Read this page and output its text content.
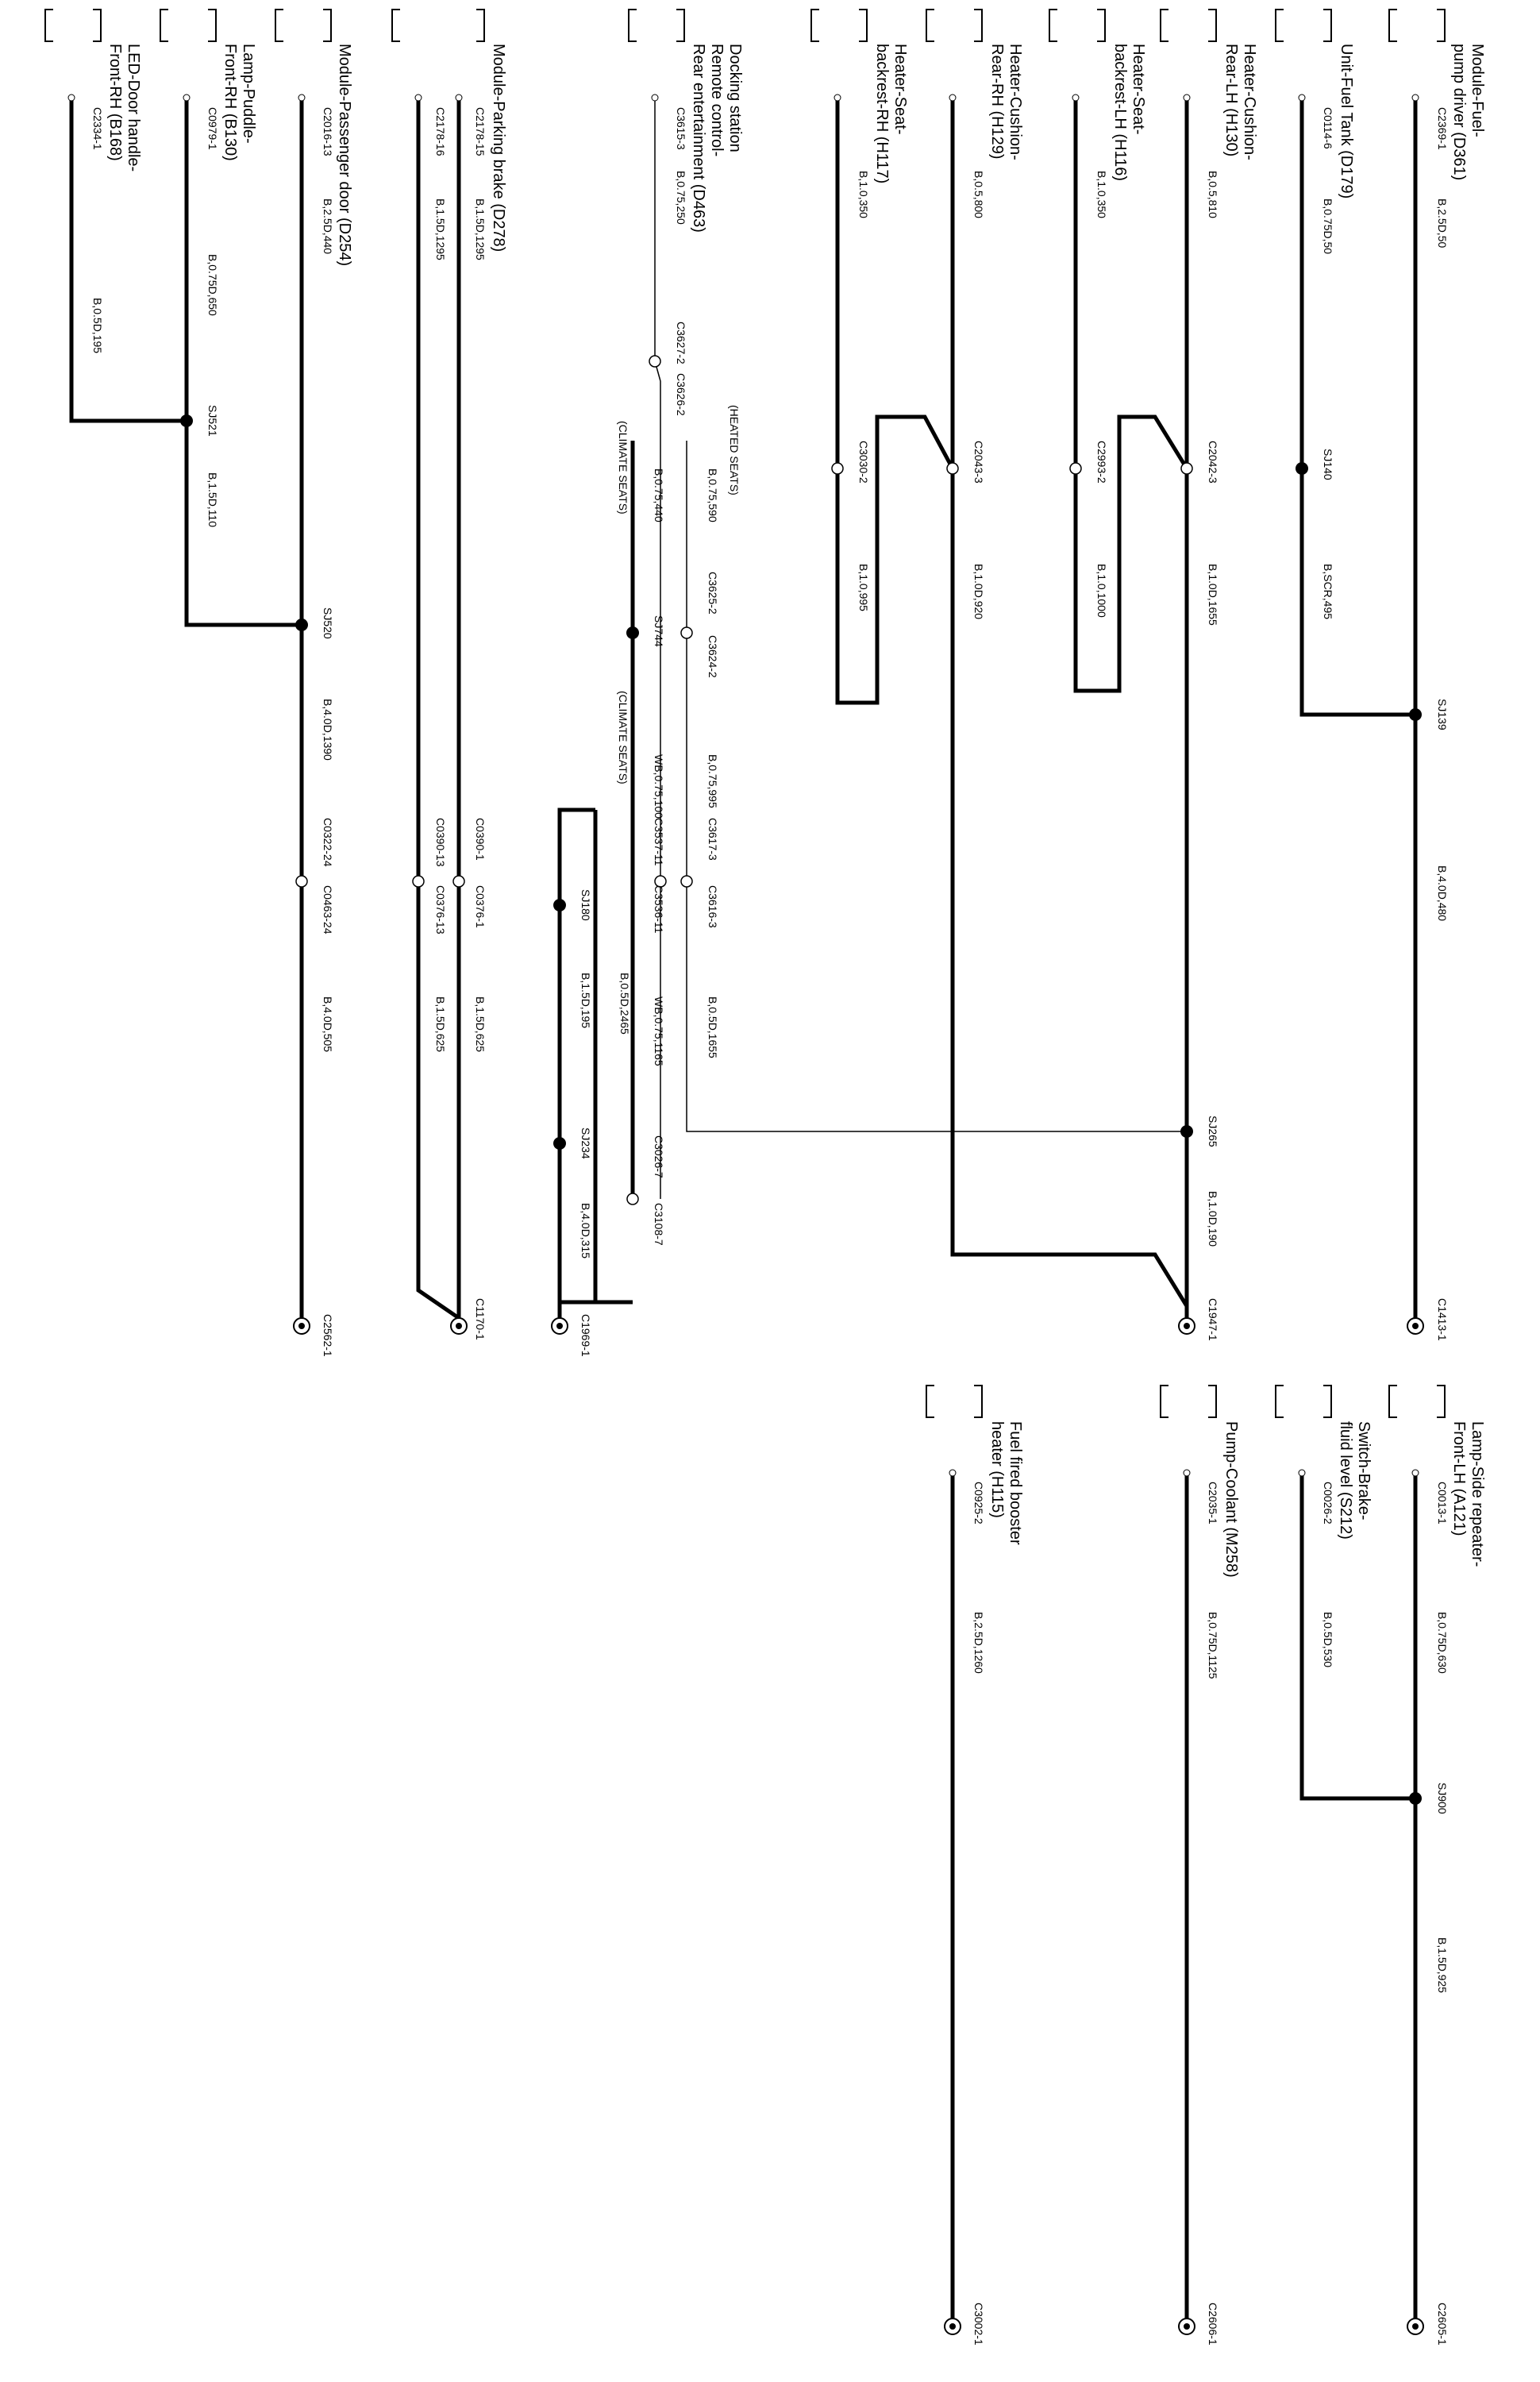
Module-Fuel-
pump driver (D361)
C2369-1
Unit-Fuel Tank (D179)
C0114-6
Heater-Cushion-
Rear-LH (H130)
Heater-Seat-
backrest-LH (H116)
Heater-Cushion-
Rear-RH (H129)
Heater-Seat-
backrest-RH (H117)
Docking station
Remote control-
Rear entertainment (D463)
C3615-3
Module-Parking brake (D278)
C2178-15
C2178-16
Module-Passenger door (D254)
C2016-13
Lamp-Puddle-
Front-RH (B130)
C0979-1
LED-Door handle-
Front-RH (B168)
C2334-1
Lamp-Side repeater-
Front-LH (A121)
C0013-1
Switch-Brake-
fluid level (S212)
C0026-2
Pump-Coolant (M258)
C2035-1
Fuel fired booster
heater (H115)
C0925-2
B,2.5D,50
B,0.75D,50
B,0.5,810
B,1.0,350
B,0.5,800
B,1.0,350
B,0.75,250
B,1.5D,1295
B,1.5D,1295
B,2.5D,440
B,0.75D,650
B,0.5D,195
B,SCR,495
B,1.0D,1655
B,1.0,1000
B,1.0D,920
B,1.0,995
B,0.75,590
B,0.75,440
B,0.75,995
WB,0.75,100
B,0.5D,1655
WB,0.75,1165
B,0.5D,2465
B,1.5D,195
B,4.0D,315
B,4.0D,480
B,1.0D,190
B,1.5D,625
B,1.5D,625
B,4.0D,505
B,4.0D,1390
B,1.5D,110
B,0.75D,630
B,0.5D,530
B,0.75D,1125
B,2.5D,1260
B,1.5D,925
C2042-3
C2993-2
C2043-3
C3030-2
C3627-2
C3626-2
C3625-2
C3624-2
C3617-3
C3616-3
C3537-11
C3536-11
C3026-7
C3108-7
C0390-1
C0376-1
C0390-13
C0376-13
C0322-24
C0463-24
SJ139
SJ140
SJ265
SJ744
SJ180
SJ234
SJ520
SJ521
SJ900
C1413-1
C1947-1
C1969-1
C1170-1
C2562-1
C2605-1
C2606-1
C3002-1
(HEATED SEATS)
(CLIMATE SEATS)
(CLIMATE SEATS)
